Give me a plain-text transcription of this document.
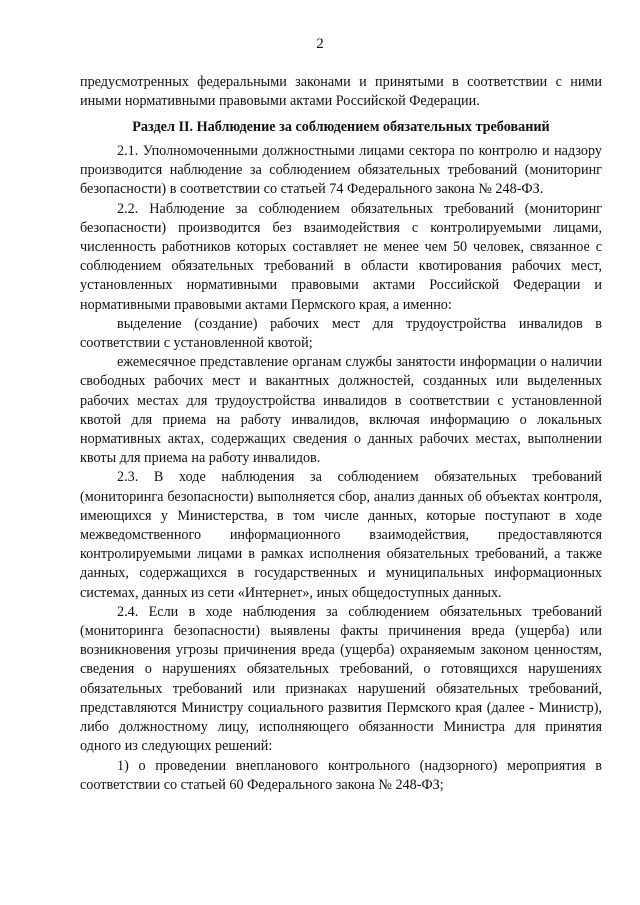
2

предусмотренных федеральными законами и принятыми в соответствии с ними иными нормативными правовыми актами Российской Федерации.

Раздел II. Наблюдение за соблюдением обязательных требований

2.1. Уполномоченными должностными лицами сектора по контролю и надзору производится наблюдение за соблюдением обязательных требований (мониторинг безопасности) в соответствии со статьей 74 Федерального закона № 248-ФЗ.

2.2. Наблюдение за соблюдением обязательных требований (мониторинг безопасности) производится без взаимодействия с контролируемыми лицами, численность работников которых составляет не менее чем 50 человек, связанное с соблюдением обязательных требований в области квотирования рабочих мест, установленных нормативными правовыми актами Российской Федерации и нормативными правовыми актами Пермского края, а именно:

выделение (создание) рабочих мест для трудоустройства инвалидов в соответствии с установленной квотой;

ежемесячное представление органам службы занятости информации о наличии свободных рабочих мест и вакантных должностей, созданных или выделенных рабочих местах для трудоустройства инвалидов в соответствии с установленной квотой для приема на работу инвалидов, включая информацию о локальных нормативных актах, содержащих сведения о данных рабочих местах, выполнении квоты для приема на работу инвалидов.

2.3. В ходе наблюдения за соблюдением обязательных требований (мониторинга безопасности) выполняется сбор, анализ данных об объектах контроля, имеющихся у Министерства, в том числе данных, которые поступают в ходе межведомственного информационного взаимодействия, предоставляются контролируемыми лицами в рамках исполнения обязательных требований, а также данных, содержащихся в государственных и муниципальных информационных системах, данных из сети «Интернет», иных общедоступных данных.

2.4. Если в ходе наблюдения за соблюдением обязательных требований (мониторинга безопасности) выявлены факты причинения вреда (ущерба) или возникновения угрозы причинения вреда (ущерба) охраняемым законом ценностям, сведения о нарушениях обязательных требований, о готовящихся нарушениях обязательных требований или признаках нарушений обязательных требований, представляются Министру социального развития Пермского края (далее - Министр), либо должностному лицу, исполняющего обязанности Министра для принятия одного из следующих решений:

1) о проведении внепланового контрольного (надзорного) мероприятия в соответствии со статьей 60 Федерального закона № 248-ФЗ;
